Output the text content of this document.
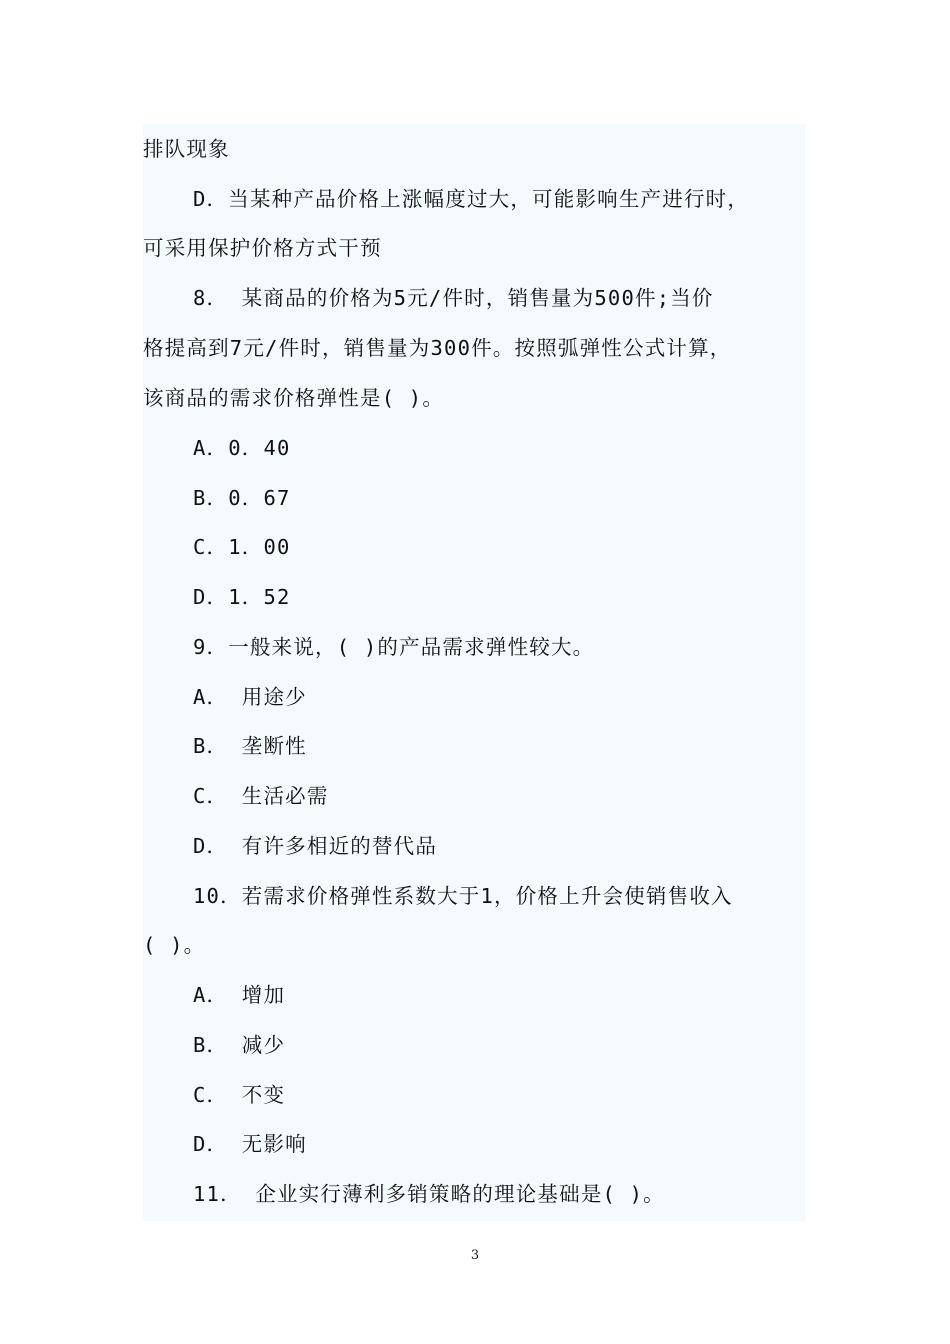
排队现象
D．当某种产品价格上涨幅度过大，可能影响生产进行时，
可采用保护价格方式干预
8． 某商品的价格为5元/件时，销售量为500件;当价
格提高到7元/件时，销售量为300件。按照弧弹性公式计算，
该商品的需求价格弹性是( )。
A．0．40
B．0．67
C．1．00
D．1．52
9．一般来说，( )的产品需求弹性较大。
A． 用途少
B． 垄断性
C． 生活必需
D． 有许多相近的替代品
10．若需求价格弹性系数大于1，价格上升会使销售收入
( )。
A． 增加
B． 减少
C． 不变
D． 无影响
11． 企业实行薄利多销策略的理论基础是( )。
3
